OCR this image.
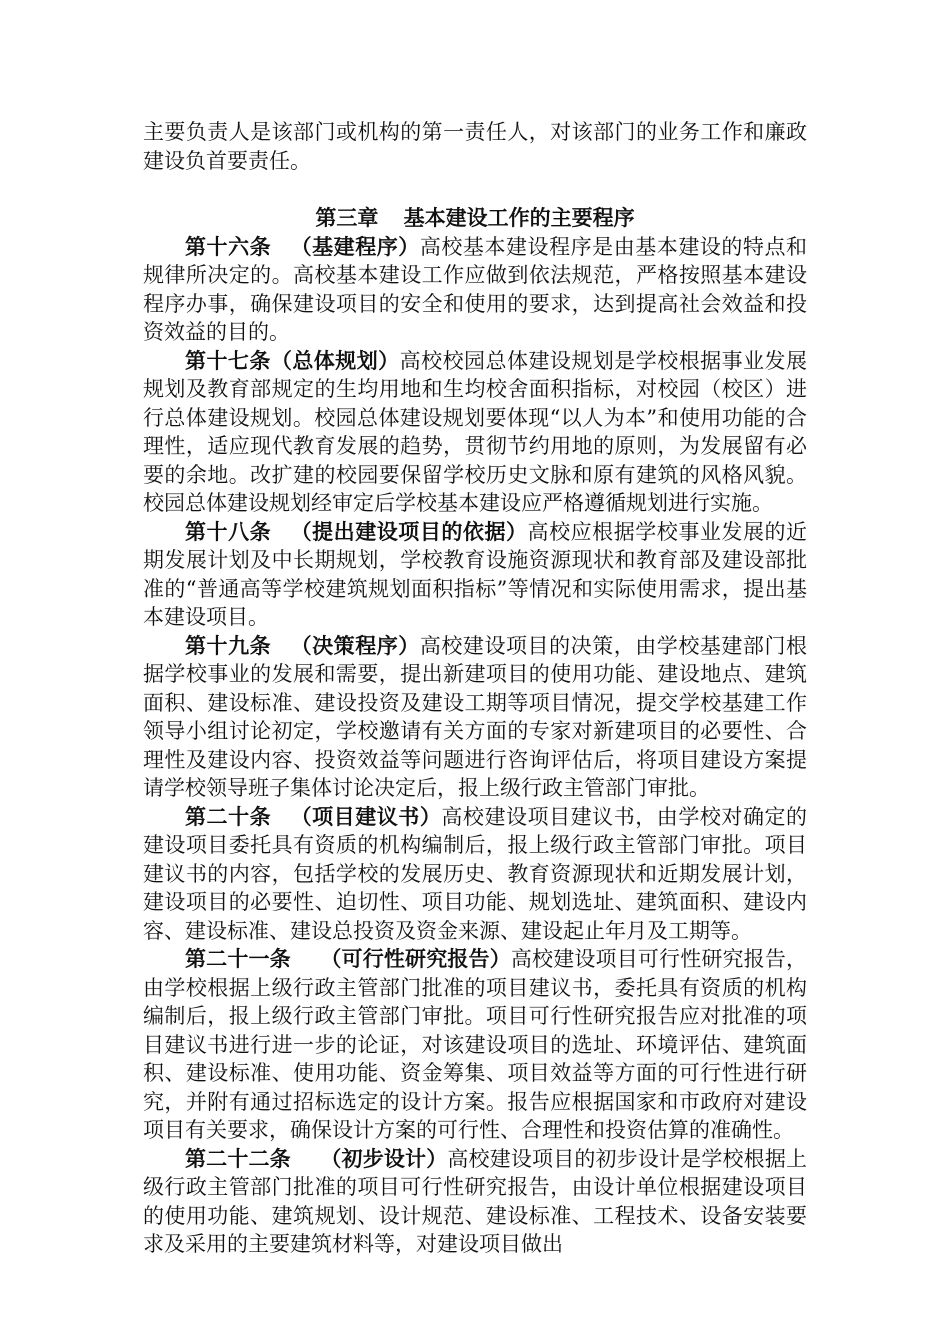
主要负责人是该部门或机构的第一责任人，对该部门的业务工作和廉政建设负首要责任。

第三章 基本建设工作的主要程序

第十六条 （基建程序）高校基本建设程序是由基本建设的特点和规律所决定的。高校基本建设工作应做到依法规范，严格按照基本建设程序办事，确保建设项目的安全和使用的要求，达到提高社会效益和投资效益的目的。

第十七条（总体规划）高校校园总体建设规划是学校根据事业发展规划及教育部规定的生均用地和生均校舍面积指标，对校园（校区）进行总体建设规划。校园总体建设规划要体现“以人为本”和使用功能的合理性，适应现代教育发展的趋势，贯彻节约用地的原则，为发展留有必要的余地。改扩建的校园要保留学校历史文脉和原有建筑的风格风貌。校园总体建设规划经审定后学校基本建设应严格遵循规划进行实施。

第十八条 （提出建设项目的依据）高校应根据学校事业发展的近期发展计划及中长期规划，学校教育设施资源现状和教育部及建设部批准的“普通高等学校建筑规划面积指标”等情况和实际使用需求，提出基本建设项目。

第十九条 （决策程序）高校建设项目的决策，由学校基建部门根据学校事业的发展和需要，提出新建项目的使用功能、建设地点、建筑面积、建设标准、建设投资及建设工期等项目情况，提交学校基建工作领导小组讨论初定，学校邀请有关方面的专家对新建项目的必要性、合理性及建设内容、投资效益等问题进行咨询评估后，将项目建设方案提请学校领导班子集体讨论决定后，报上级行政主管部门审批。

第二十条 （项目建议书）高校建设项目建议书，由学校对确定的建设项目委托具有资质的机构编制后，报上级行政主管部门审批。项目建议书的内容，包括学校的发展历史、教育资源现状和近期发展计划，建设项目的必要性、迫切性、项目功能、规划选址、建筑面积、建设内容、建设标准、建设总投资及资金来源、建设起止年月及工期等。

第二十一条 （可行性研究报告）高校建设项目可行性研究报告，由学校根据上级行政主管部门批准的项目建议书，委托具有资质的机构编制后，报上级行政主管部门审批。项目可行性研究报告应对批准的项目建议书进行进一步的论证，对该建设项目的选址、环境评估、建筑面积、建设标准、使用功能、资金筹集、项目效益等方面的可行性进行研究，并附有通过招标选定的设计方案。报告应根据国家和市政府对建设项目有关要求，确保设计方案的可行性、合理性和投资估算的准确性。

第二十二条 （初步设计）高校建设项目的初步设计是学校根据上级行政主管部门批准的项目可行性研究报告，由设计单位根据建设项目的使用功能、建筑规划、设计规范、建设标准、工程技术、设备安装要求及采用的主要建筑材料等，对建设项目做出
